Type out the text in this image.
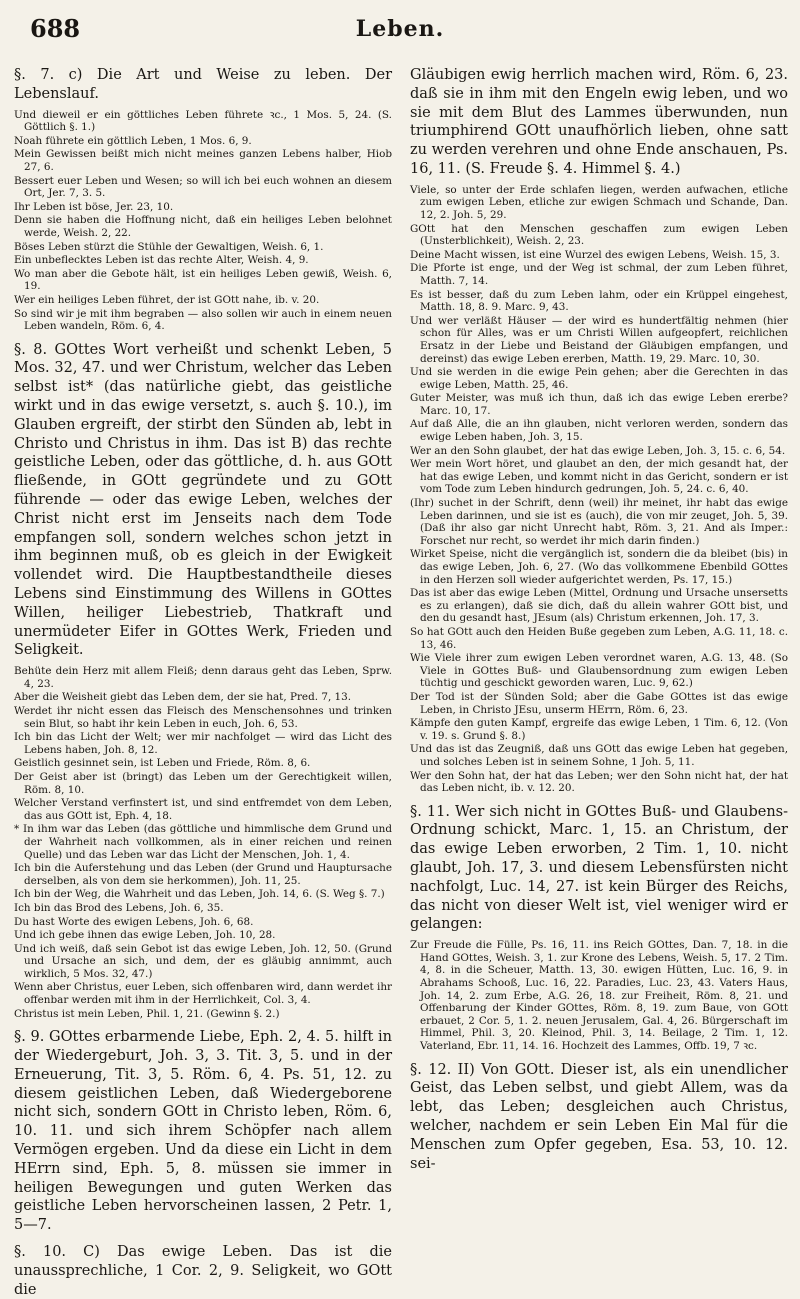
688	Leben.

§. 7. c) Die Art und Weise zu leben. Der Lebenslauf.

Und dieweil er ein göttliches Leben führete ꝛc., 1 Mos. 5, 24. (S. Göttlich §. 1.)

Noah führete ein göttlich Leben, 1 Mos. 6, 9.

Mein Gewissen beißt mich nicht meines ganzen Lebens halber, Hiob 27, 6.

Bessert euer Leben und Wesen; so will ich bei euch wohnen an diesem Ort, Jer. 7, 3. 5.

Ihr Leben ist böse, Jer. 23, 10.

Denn sie haben die Hoffnung nicht, daß ein heiliges Leben belohnet werde, Weish. 2, 22.

Böses Leben stürzt die Stühle der Gewaltigen, Weish. 6, 1.

Ein unbeflecktes Leben ist das rechte Alter, Weish. 4, 9.

Wo man aber die Gebote hält, ist ein heiliges Leben gewiß, Weish. 6, 19.

Wer ein heiliges Leben führet, der ist GOtt nahe, ib. v. 20.

So sind wir je mit ihm begraben — also sollen wir auch in einem neuen Leben wandeln, Röm. 6, 4.

§. 8. GOttes Wort verheißt und schenkt Leben, 5 Mos. 32, 47. und wer Christum, welcher das Leben selbst ist* (das natürliche giebt, das geistliche wirkt und in das ewige versetzt, s. auch §. 10.), im Glauben ergreift, der stirbt den Sünden ab, lebt in Christo und Christus in ihm. Das ist B) das rechte geistliche Leben, oder das göttliche, d. h. aus GOtt fließende, in GOtt gegründete und zu GOtt führende — oder das ewige Leben, welches der Christ nicht erst im Jenseits nach dem Tode empfangen soll, sondern welches schon jetzt in ihm beginnen muß, ob es gleich in der Ewigkeit vollendet wird. Die Hauptbestandtheile dieses Lebens sind Einstimmung des Willens in GOttes Willen, heiliger Liebestrieb, Thatkraft und unermüdeter Eifer in GOttes Werk, Frieden und Seligkeit.

Behüte dein Herz mit allem Fleiß; denn daraus geht das Leben, Sprw. 4, 23.

Aber die Weisheit giebt das Leben dem, der sie hat, Pred. 7, 13.

Werdet ihr nicht essen das Fleisch des Menschensohnes und trinken sein Blut, so habt ihr kein Leben in euch, Joh. 6, 53.

Ich bin das Licht der Welt; wer mir nachfolget — wird das Licht des Lebens haben, Joh. 8, 12.

Geistlich gesinnet sein, ist Leben und Friede, Röm. 8, 6.

Der Geist aber ist (bringt) das Leben um der Gerechtigkeit willen, Röm. 8, 10.

Welcher Verstand verfinstert ist, und sind entfremdet von dem Leben, das aus GOtt ist, Eph. 4, 18.

* In ihm war das Leben (das göttliche und himmlische dem Grund und der Wahrheit nach vollkommen, als in einer reichen und reinen Quelle) und das Leben war das Licht der Menschen, Joh. 1, 4.

Ich bin die Auferstehung und das Leben (der Grund und Hauptursache derselben, als von dem sie herkommen), Joh. 11, 25.

Ich bin der Weg, die Wahrheit und das Leben, Joh. 14, 6. (S. Weg §. 7.)

Ich bin das Brod des Lebens, Joh. 6, 35.

Du hast Worte des ewigen Lebens, Joh. 6, 68.

Und ich gebe ihnen das ewige Leben, Joh. 10, 28.

Und ich weiß, daß sein Gebot ist das ewige Leben, Joh. 12, 50. (Grund und Ursache an sich, und dem, der es gläubig annimmt, auch wirklich, 5 Mos. 32, 47.)

Wenn aber Christus, euer Leben, sich offenbaren wird, dann werdet ihr offenbar werden mit ihm in der Herrlichkeit, Col. 3, 4.

Christus ist mein Leben, Phil. 1, 21. (Gewinn §. 2.)

§. 9. GOttes erbarmende Liebe, Eph. 2, 4. 5. hilft in der Wiedergeburt, Joh. 3, 3. Tit. 3, 5. und in der Erneuerung, Tit. 3, 5. Röm. 6, 4. Ps. 51, 12. zu diesem geistlichen Leben, daß Wiedergeborene nicht sich, sondern GOtt in Christo leben, Röm. 6, 10. 11. und sich ihrem Schöpfer nach allem Vermögen ergeben. Und da diese ein Licht in dem HErrn sind, Eph. 5, 8. müssen sie immer in heiligen Bewegungen und guten Werken das geistliche Leben hervorscheinen lassen, 2 Petr. 1, 5—7.

§. 10. C) Das ewige Leben. Das ist die unaussprechliche, 1 Cor. 2, 9. Seligkeit, wo GOtt die

Gläubigen ewig herrlich machen wird, Röm. 6, 23. daß sie in ihm mit den Engeln ewig leben, und wo sie mit dem Blut des Lammes überwunden, nun triumphirend GOtt unaufhörlich lieben, ohne satt zu werden verehren und ohne Ende anschauen, Ps. 16, 11. (S. Freude §. 4. Himmel §. 4.)

Viele, so unter der Erde schlafen liegen, werden aufwachen, etliche zum ewigen Leben, etliche zur ewigen Schmach und Schande, Dan. 12, 2. Joh. 5, 29.

GOtt hat den Menschen geschaffen zum ewigen Leben (Unsterblichkeit), Weish. 2, 23.

Deine Macht wissen, ist eine Wurzel des ewigen Lebens, Weish. 15, 3.

Die Pforte ist enge, und der Weg ist schmal, der zum Leben führet, Matth. 7, 14.

Es ist besser, daß du zum Leben lahm, oder ein Krüppel eingehest, Matth. 18, 8. 9. Marc. 9, 43.

Und wer verläßt Häuser — der wird es hundertfältig nehmen (hier schon für Alles, was er um Christi Willen aufgeopfert, reichlichen Ersatz in der Liebe und Beistand der Gläubigen empfangen, und dereinst) das ewige Leben ererben, Matth. 19, 29. Marc. 10, 30.

Und sie werden in die ewige Pein gehen; aber die Gerechten in das ewige Leben, Matth. 25, 46.

Guter Meister, was muß ich thun, daß ich das ewige Leben ererbe? Marc. 10, 17.

Auf daß Alle, die an ihn glauben, nicht verloren werden, sondern das ewige Leben haben, Joh. 3, 15.

Wer an den Sohn glaubet, der hat das ewige Leben, Joh. 3, 15. c. 6, 54.

Wer mein Wort höret, und glaubet an den, der mich gesandt hat, der hat das ewige Leben, und kommt nicht in das Gericht, sondern er ist vom Tode zum Leben hindurch gedrungen, Joh. 5, 24. c. 6, 40.

(Ihr) suchet in der Schrift, denn (weil) ihr meinet, ihr habt das ewige Leben darinnen, und sie ist es (auch), die von mir zeuget, Joh. 5, 39. (Daß ihr also gar nicht Unrecht habt, Röm. 3, 21. And als Imper.: Forschet nur recht, so werdet ihr mich darin finden.)

Wirket Speise, nicht die vergänglich ist, sondern die da bleibet (bis) in das ewige Leben, Joh. 6, 27. (Wo das vollkommene Ebenbild GOttes in den Herzen soll wieder aufgerichtet werden, Ps. 17, 15.)

Das ist aber das ewige Leben (Mittel, Ordnung und Ursache unsersetts es zu erlangen), daß sie dich, daß du allein wahrer GOtt bist, und den du gesandt hast, JEsum (als) Christum erkennen, Joh. 17, 3.

So hat GOtt auch den Heiden Buße gegeben zum Leben, A.G. 11, 18. c. 13, 46.

Wie Viele ihrer zum ewigen Leben verordnet waren, A.G. 13, 48. (So Viele in GOttes Buß- und Glaubensordnung zum ewigen Leben tüchtig und geschickt geworden waren, Luc. 9, 62.)

Der Tod ist der Sünden Sold; aber die Gabe GOttes ist das ewige Leben, in Christo JEsu, unserm HErrn, Röm. 6, 23.

Kämpfe den guten Kampf, ergreife das ewige Leben, 1 Tim. 6, 12. (Von v. 19. s. Grund §. 8.)

Und das ist das Zeugniß, daß uns GOtt das ewige Leben hat gegeben, und solches Leben ist in seinem Sohne, 1 Joh. 5, 11.

Wer den Sohn hat, der hat das Leben; wer den Sohn nicht hat, der hat das Leben nicht, ib. v. 12. 20.

§. 11. Wer sich nicht in GOttes Buß- und Glaubens-Ordnung schickt, Marc. 1, 15. an Christum, der das ewige Leben erworben, 2 Tim. 1, 10. nicht glaubt, Joh. 17, 3. und diesem Lebensfürsten nicht nachfolgt, Luc. 14, 27. ist kein Bürger des Reichs, das nicht von dieser Welt ist, viel weniger wird er gelangen:

Zur Freude die Fülle, Ps. 16, 11. ins Reich GOttes, Dan. 7, 18. in die Hand GOttes, Weish. 3, 1. zur Krone des Lebens, Weish. 5, 17. 2 Tim. 4, 8. in die Scheuer, Matth. 13, 30. ewigen Hütten, Luc. 16, 9. in Abrahams Schooß, Luc. 16, 22. Paradies, Luc. 23, 43. Vaters Haus, Joh. 14, 2. zum Erbe, A.G. 26, 18. zur Freiheit, Röm. 8, 21. und Offenbarung der Kinder GOttes, Röm. 8, 19. zum Baue, von GOtt erbauet, 2 Cor. 5, 1. 2. neuen Jerusalem, Gal. 4, 26. Bürgerschaft im Himmel, Phil. 3, 20. Kleinod, Phil. 3, 14. Beilage, 2 Tim. 1, 12. Vaterland, Ebr. 11, 14. 16. Hochzeit des Lammes, Offb. 19, 7 ꝛc.

§. 12. II) Von GOtt. Dieser ist, als ein unendlicher Geist, das Leben selbst, und giebt Allem, was da lebt, das Leben; desgleichen auch Christus, welcher, nachdem er sein Leben Ein Mal für die Menschen zum Opfer gegeben, Esa. 53, 10. 12. sei-
